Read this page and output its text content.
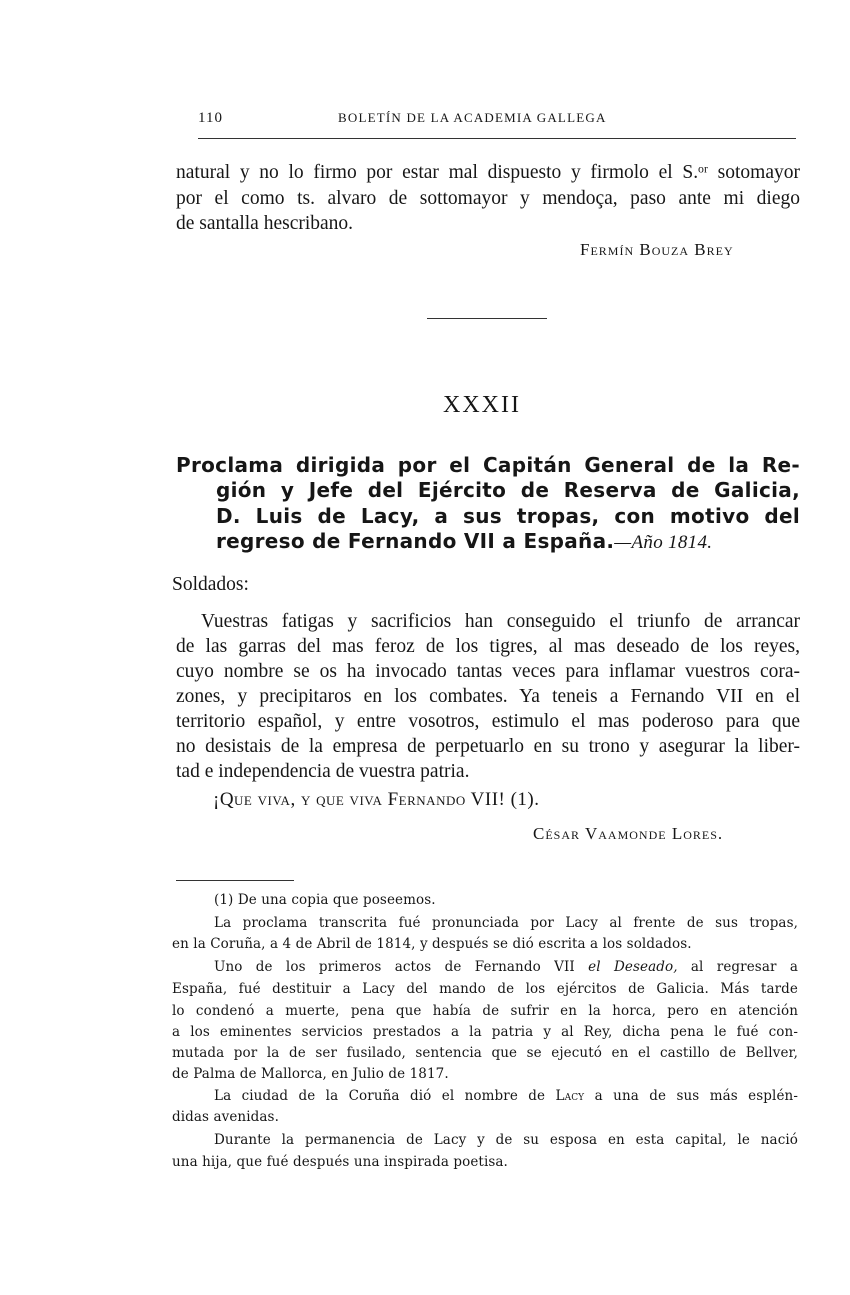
110	BOLETÍN DE LA ACADEMIA GALLEGA
natural y no lo firmo por estar mal dispuesto y firmolo el S.ᵒʳ sotomayor
por el como ts. alvaro de sottomayor y mendoça, paso ante mi diego
de santalla hescribano.
Fermín Bouza Brey
XXXII
Proclama dirigida por el Capitán General de la Re-
gión y Jefe del Ejército de Reserva de Galicia,
D. Luis de Lacy, a sus tropas, con motivo del
regreso de Fernando VII a España.—Año 1814.
Soldados:
Vuestras fatigas y sacrificios han conseguido el triunfo de arrancar
de las garras del mas feroz de los tigres, al mas deseado de los reyes,
cuyo nombre se os ha invocado tantas veces para inflamar vuestros cora-
zones, y precipitaros en los combates. Ya teneis a Fernando VII en el
territorio español, y entre vosotros, estimulo el mas poderoso para que
no desistais de la empresa de perpetuarlo en su trono y asegurar la liber-
tad e independencia de vuestra patria.
¡Que viva, y que viva Fernando VII! (1).
César Vaamonde Lores.
(1) De una copia que poseemos.
La proclama transcrita fué pronunciada por Lacy al frente de sus tropas,
en la Coruña, a 4 de Abril de 1814, y después se dió escrita a los soldados.
Uno de los primeros actos de Fernando VII el Deseado, al regresar a
España, fué destituir a Lacy del mando de los ejércitos de Galicia. Más tarde
lo condenó a muerte, pena que había de sufrir en la horca, pero en atención
a los eminentes servicios prestados a la patria y al Rey, dicha pena le fué con-
mutada por la de ser fusilado, sentencia que se ejecutó en el castillo de Bellver,
de Palma de Mallorca, en Julio de 1817.
La ciudad de la Coruña dió el nombre de Lacy a una de sus más esplén-
didas avenidas.
Durante la permanencia de Lacy y de su esposa en esta capital, le nació
una hija, que fué después una inspirada poetisa.
